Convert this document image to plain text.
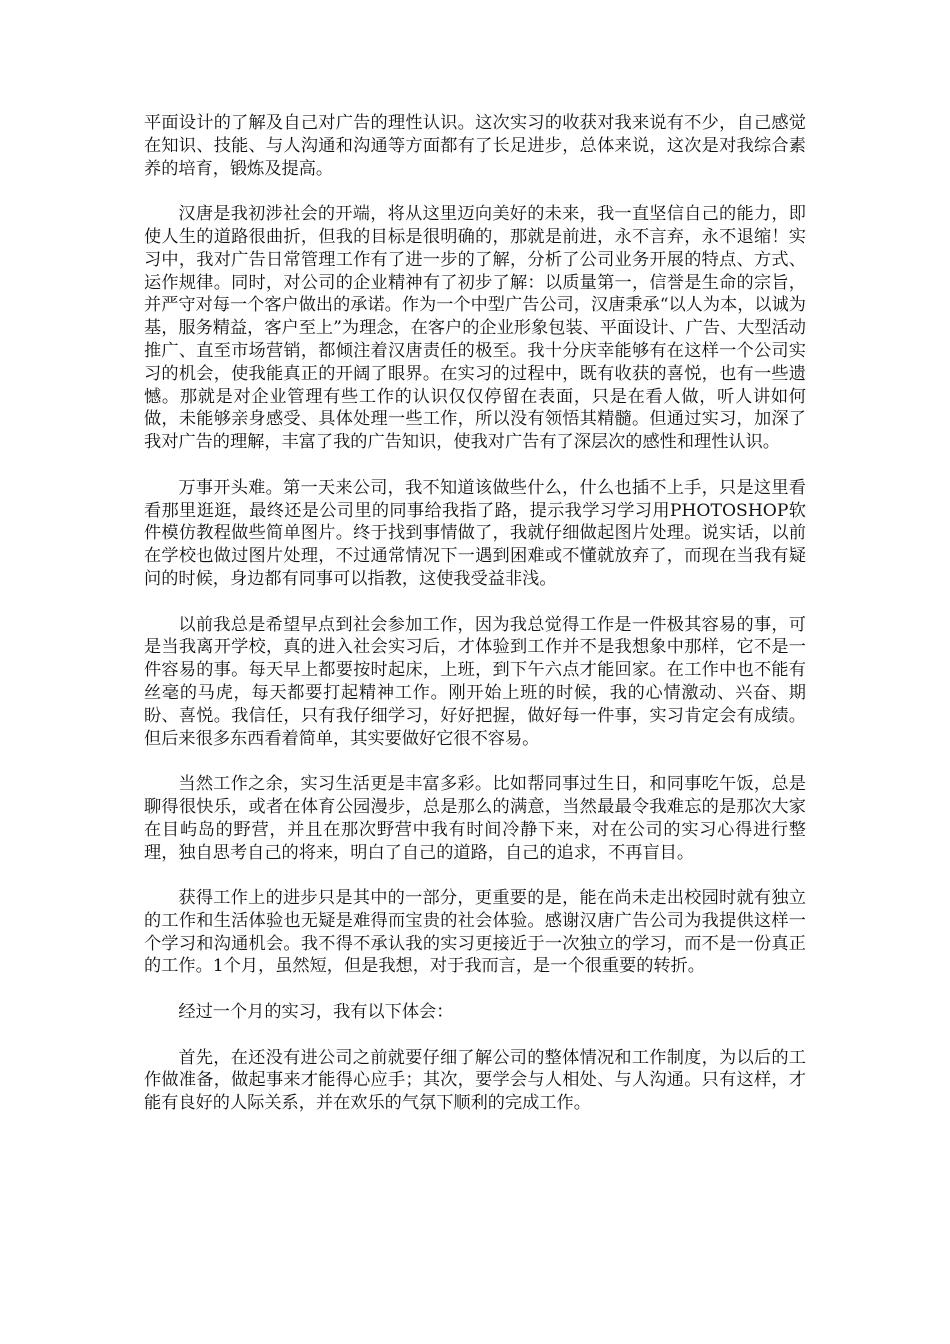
平面设计的了解及自己对广告的理性认识。这次实习的收获对我来说有不少，自己感觉在知识、技能、与人沟通和沟通等方面都有了长足进步，总体来说，这次是对我综合素养的培育，锻炼及提高。

汉唐是我初涉社会的开端，将从这里迈向美好的未来，我一直坚信自己的能力，即使人生的道路很曲折，但我的目标是很明确的，那就是前进，永不言弃，永不退缩！实习中，我对广告日常管理工作有了进一步的了解，分析了公司业务开展的特点、方式、运作规律。同时，对公司的企业精神有了初步了解：以质量第一，信誉是生命的宗旨，并严守对每一个客户做出的承诺。作为一个中型广告公司，汉唐秉承“以人为本，以诚为基，服务精益，客户至上”为理念，在客户的企业形象包装、平面设计、广告、大型活动推广、直至市场营销，都倾注着汉唐责任的极至。我十分庆幸能够有在这样一个公司实习的机会，使我能真正的开阔了眼界。在实习的过程中，既有收获的喜悦，也有一些遗憾。那就是对企业管理有些工作的认识仅仅停留在表面，只是在看人做，听人讲如何做，未能够亲身感受、具体处理一些工作，所以没有领悟其精髓。但通过实习，加深了我对广告的理解，丰富了我的广告知识，使我对广告有了深层次的感性和理性认识。

万事开头难。第一天来公司，我不知道该做些什么，什么也插不上手，只是这里看看那里逛逛，最终还是公司里的同事给我指了路，提示我学习学习用PHOTOSHOP软件模仿教程做些简单图片。终于找到事情做了，我就仔细做起图片处理。说实话，以前在学校也做过图片处理，不过通常情况下一遇到困难或不懂就放弃了，而现在当我有疑问的时候，身边都有同事可以指教，这使我受益非浅。

以前我总是希望早点到社会参加工作，因为我总觉得工作是一件极其容易的事，可是当我离开学校，真的进入社会实习后，才体验到工作并不是我想象中那样，它不是一件容易的事。每天早上都要按时起床，上班，到下午六点才能回家。在工作中也不能有丝毫的马虎，每天都要打起精神工作。刚开始上班的时候，我的心情激动、兴奋、期盼、喜悦。我信任，只有我仔细学习，好好把握，做好每一件事，实习肯定会有成绩。但后来很多东西看着简单，其实要做好它很不容易。

当然工作之余，实习生活更是丰富多彩。比如帮同事过生日，和同事吃午饭，总是聊得很快乐，或者在体育公园漫步，总是那么的满意，当然最最令我难忘的是那次大家在目屿岛的野营，并且在那次野营中我有时间冷静下来，对在公司的实习心得进行整理，独自思考自己的将来，明白了自己的道路，自己的追求，不再盲目。

获得工作上的进步只是其中的一部分，更重要的是，能在尚未走出校园时就有独立的工作和生活体验也无疑是难得而宝贵的社会体验。感谢汉唐广告公司为我提供这样一个学习和沟通机会。我不得不承认我的实习更接近于一次独立的学习，而不是一份真正的工作。1个月，虽然短，但是我想，对于我而言，是一个很重要的转折。

经过一个月的实习，我有以下体会：

首先，在还没有进公司之前就要仔细了解公司的整体情况和工作制度，为以后的工作做准备，做起事来才能得心应手；其次，要学会与人相处、与人沟通。只有这样，才能有良好的人际关系，并在欢乐的气氛下顺利的完成工作。
